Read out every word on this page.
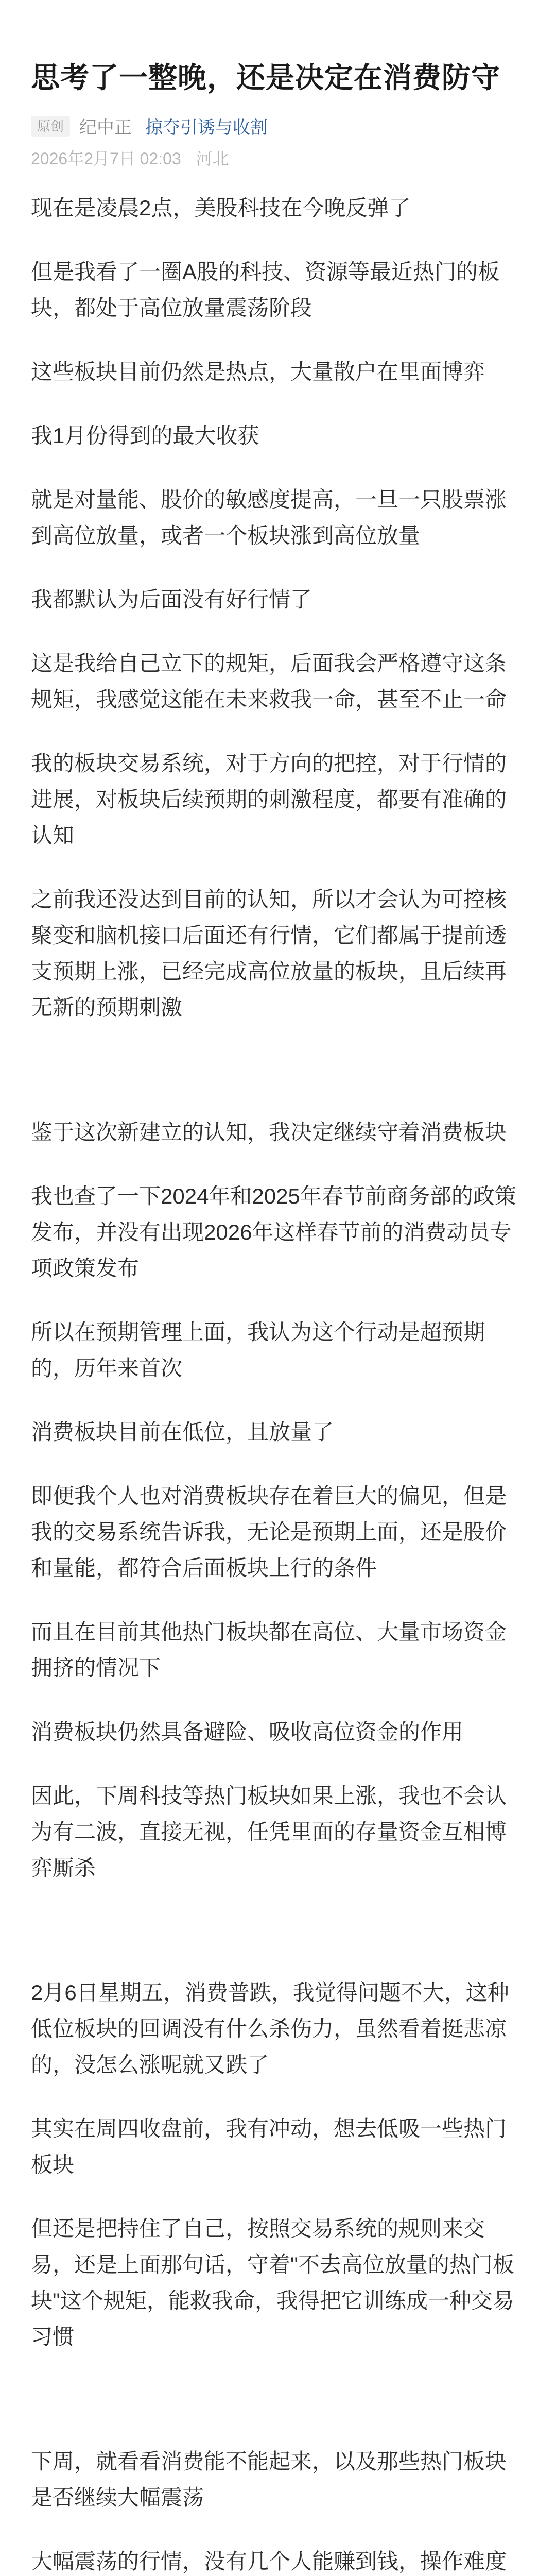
思考了一整晚，还是决定在消费防守
原创 纪中正 掠夺引诱与收割
2026年2月7日 02:03 河北

现在是凌晨2点，美股科技在今晚反弹了

但是我看了一圈A股的科技、资源等最近热门的板块，都处于高位放量震荡阶段

这些板块目前仍然是热点，大量散户在里面博弈

我1月份得到的最大收获

就是对量能、股价的敏感度提高，一旦一只股票涨到高位放量，或者一个板块涨到高位放量

我都默认为后面没有好行情了

这是我给自己立下的规矩，后面我会严格遵守这条规矩，我感觉这能在未来救我一命，甚至不止一命

我的板块交易系统，对于方向的把控，对于行情的进展，对板块后续预期的刺激程度，都要有准确的认知

之前我还没达到目前的认知，所以才会认为可控核聚变和脑机接口后面还有行情，它们都属于提前透支预期上涨，已经完成高位放量的板块，且后续再无新的预期刺激

鉴于这次新建立的认知，我决定继续守着消费板块

我也查了一下2024年和2025年春节前商务部的政策发布，并没有出现2026年这样春节前的消费动员专项政策发布

所以在预期管理上面，我认为这个行动是超预期的，历年来首次

消费板块目前在低位，且放量了

即便我个人也对消费板块存在着巨大的偏见，但是我的交易系统告诉我，无论是预期上面，还是股价和量能，都符合后面板块上行的条件

而且在目前其他热门板块都在高位、大量市场资金拥挤的情况下

消费板块仍然具备避险、吸收高位资金的作用

因此，下周科技等热门板块如果上涨，我也不会认为有二波，直接无视，任凭里面的存量资金互相博弈厮杀

2月6日星期五，消费普跌，我觉得问题不大，这种低位板块的回调没有什么杀伤力，虽然看着挺悲凉的，没怎么涨呢就又跌了

其实在周四收盘前，我有冲动，想去低吸一些热门板块

但还是把持住了自己，按照交易系统的规则来交易，还是上面那句话，守着"不去高位放量的热门板块"这个规矩，能救我命，我得把它训练成一种交易习惯

下周，就看看消费能不能起来，以及那些热门板块是否继续大幅震荡

大幅震荡的行情，没有几个人能赚到钱，操作难度
